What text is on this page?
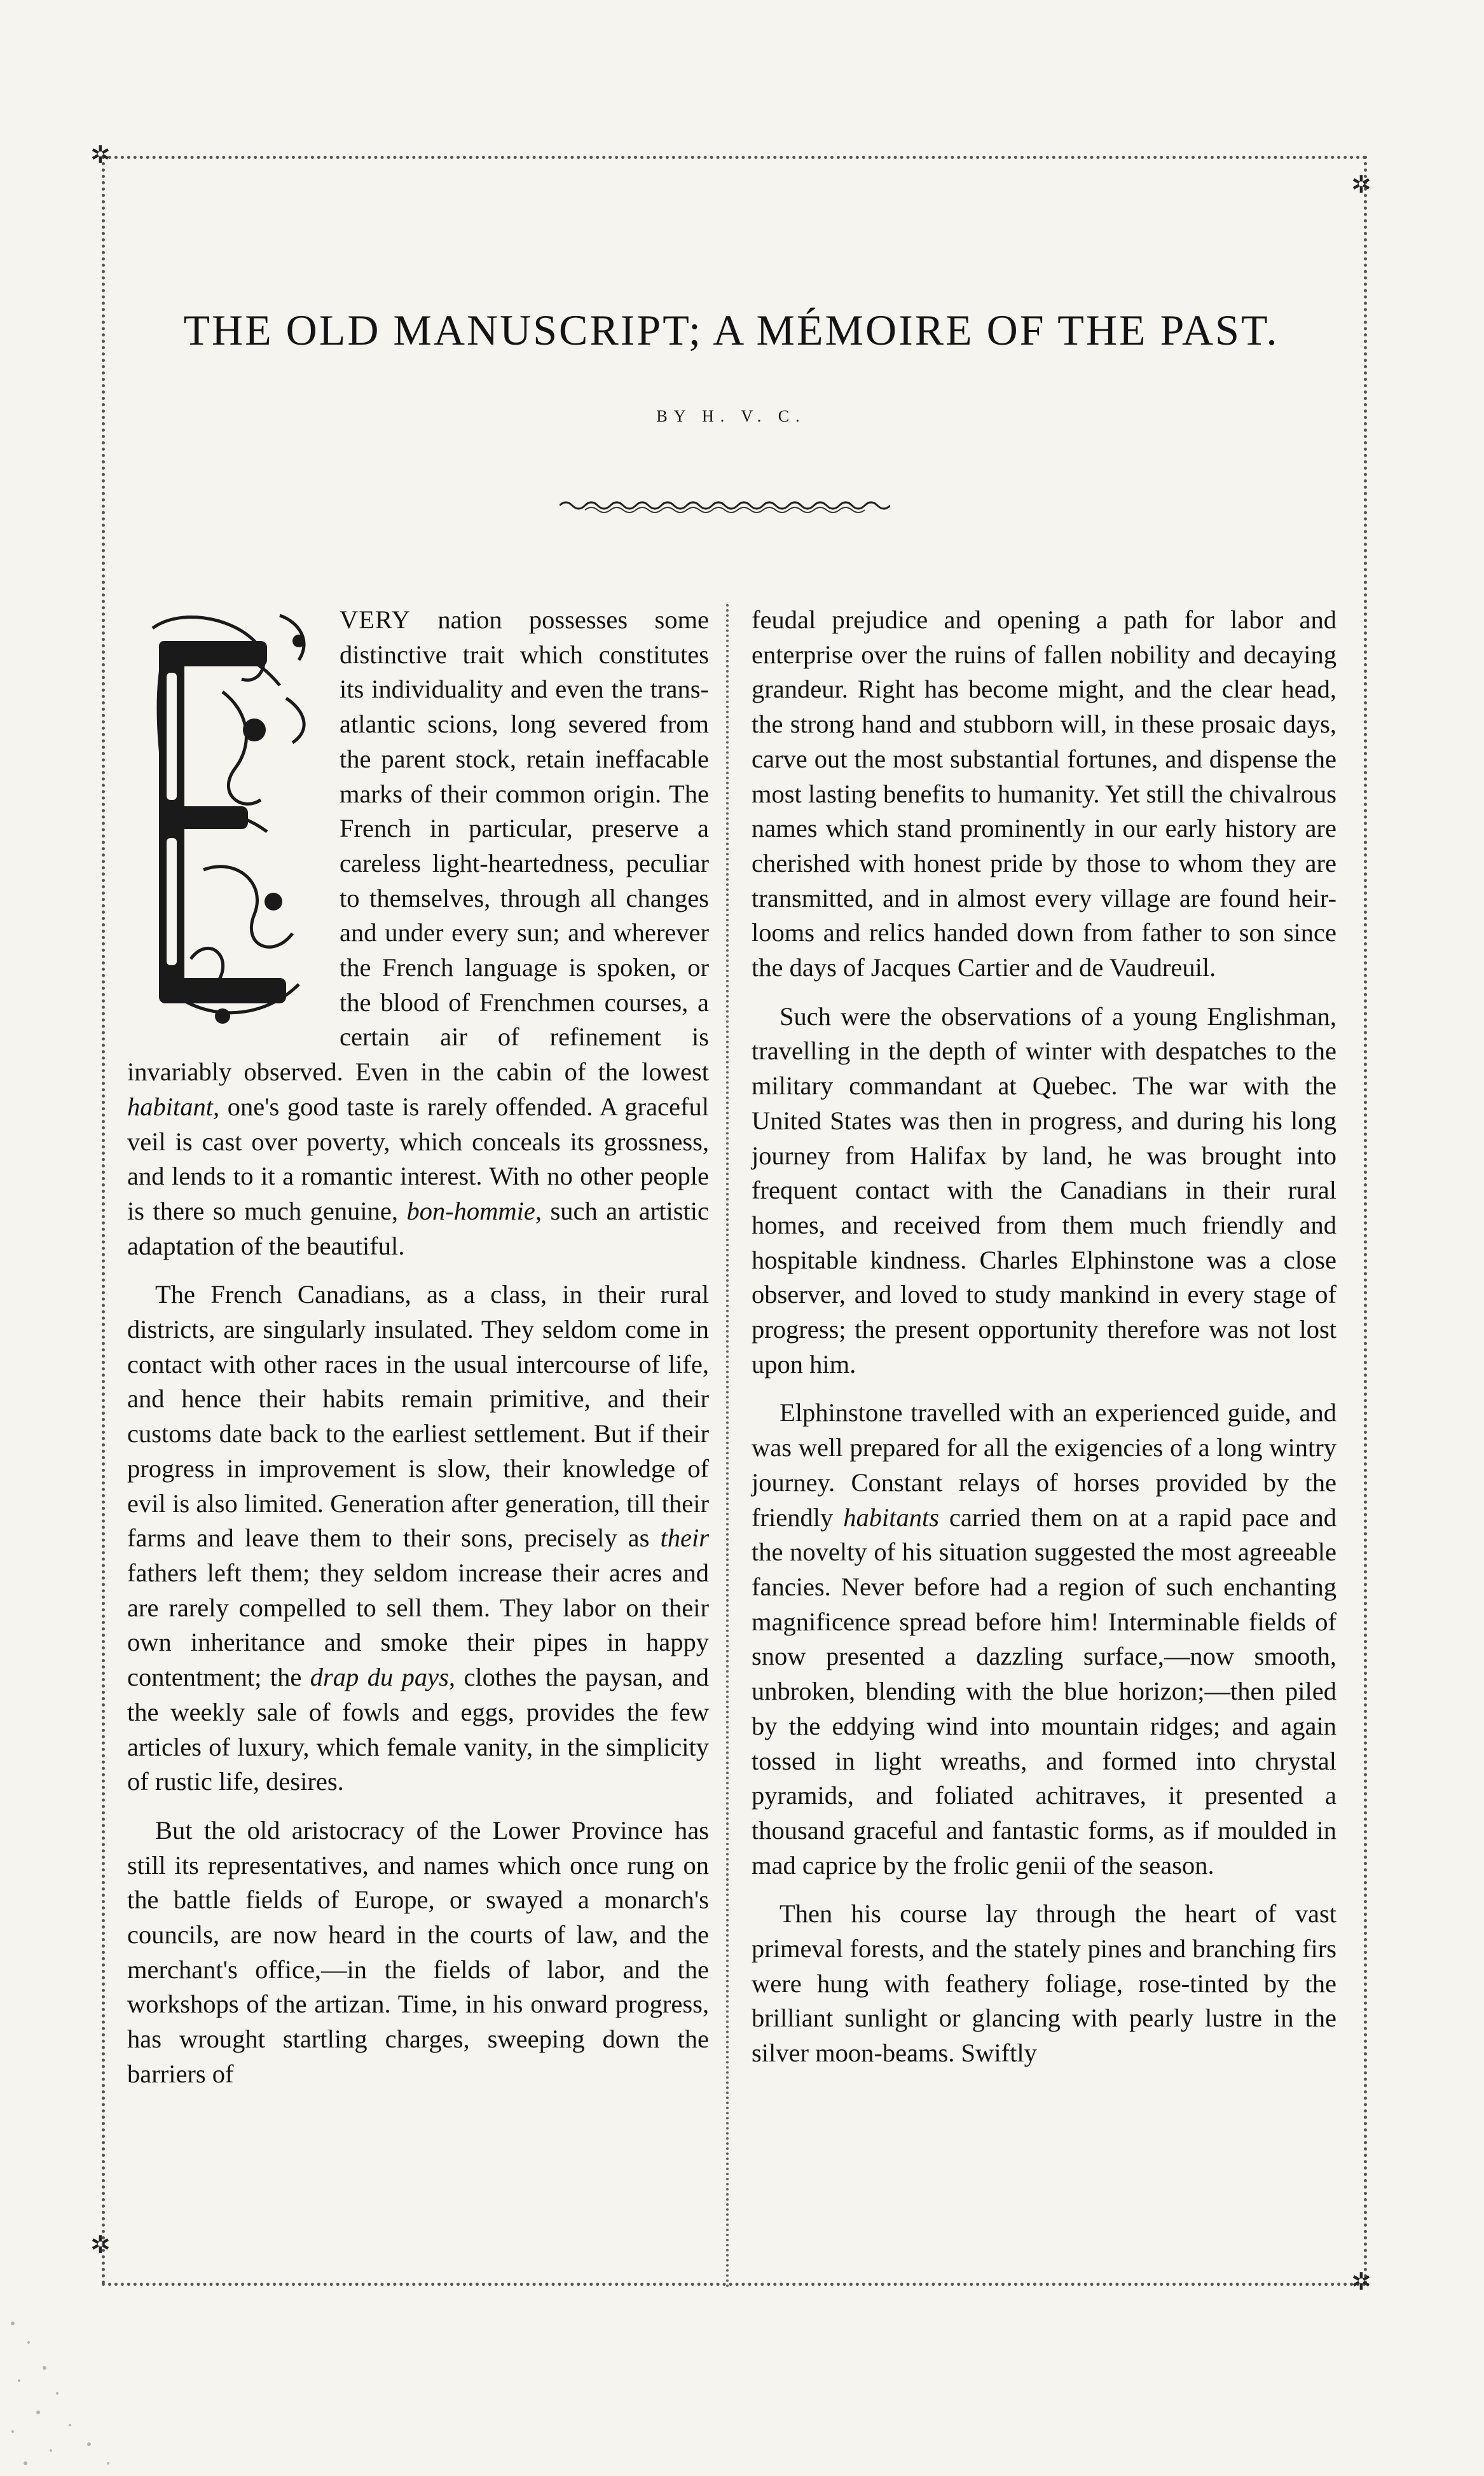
✲
✲
✲
✲
THE OLD MANUSCRIPT; A MÉMOIRE OF THE PAST.
BY H. V. C.

VERY nation possesses some distinctive trait which constitutes its individuality and even the trans-atlantic scions, long severed from the parent stock, retain ineffacable marks of their common origin. The French in particular, preserve a careless light-heartedness, peculiar to themselves, through all changes and under every sun; and wherever the French language is spoken, or the blood of Frenchmen courses, a certain air of refinement is invariably observed. Even in the cabin of the lowest habitant, one's good taste is rarely offended. A graceful veil is cast over poverty, which conceals its grossness, and lends to it a romantic interest. With no other people is there so much genuine, bon-hommie, such an artistic adaptation of the beautiful.

The French Canadians, as a class, in their rural districts, are singularly insulated. They seldom come in contact with other races in the usual intercourse of life, and hence their habits remain primitive, and their customs date back to the earliest settlement. But if their progress in improvement is slow, their knowledge of evil is also limited. Generation after generation, till their farms and leave them to their sons, precisely as their fathers left them; they seldom increase their acres and are rarely compelled to sell them. They labor on their own inheritance and smoke their pipes in happy contentment; the drap du pays, clothes the paysan, and the weekly sale of fowls and eggs, provides the few articles of luxury, which female vanity, in the simplicity of rustic life, desires.

But the old aristocracy of the Lower Province has still its representatives, and names which once rung on the battle fields of Europe, or swayed a monarch's councils, are now heard in the courts of law, and the merchant's office,—in the fields of labor, and the workshops of the artizan. Time, in his onward progress, has wrought startling charges, sweeping down the barriers of

feudal prejudice and opening a path for labor and enterprise over the ruins of fallen nobility and decaying grandeur. Right has become might, and the clear head, the strong hand and stubborn will, in these prosaic days, carve out the most substantial fortunes, and dispense the most lasting benefits to humanity. Yet still the chivalrous names which stand prominently in our early history are cherished with honest pride by those to whom they are transmitted, and in almost every village are found heir-looms and relics handed down from father to son since the days of Jacques Cartier and de Vaudreuil.

Such were the observations of a young Englishman, travelling in the depth of winter with despatches to the military commandant at Quebec. The war with the United States was then in progress, and during his long journey from Halifax by land, he was brought into frequent contact with the Canadians in their rural homes, and received from them much friendly and hospitable kindness. Charles Elphinstone was a close observer, and loved to study mankind in every stage of progress; the present opportunity therefore was not lost upon him.

Elphinstone travelled with an experienced guide, and was well prepared for all the exigencies of a long wintry journey. Constant relays of horses provided by the friendly habitants carried them on at a rapid pace and the novelty of his situation suggested the most agreeable fancies. Never before had a region of such enchanting magnificence spread before him! Interminable fields of snow presented a dazzling surface,—now smooth, unbroken, blending with the blue horizon;—then piled by the eddying wind into mountain ridges; and again tossed in light wreaths, and formed into chrystal pyramids, and foliated achitraves, it presented a thousand graceful and fantastic forms, as if moulded in mad caprice by the frolic genii of the season.

Then his course lay through the heart of vast primeval forests, and the stately pines and branching firs were hung with feathery foliage, rose-tinted by the brilliant sunlight or glancing with pearly lustre in the silver moon-beams. Swiftly
